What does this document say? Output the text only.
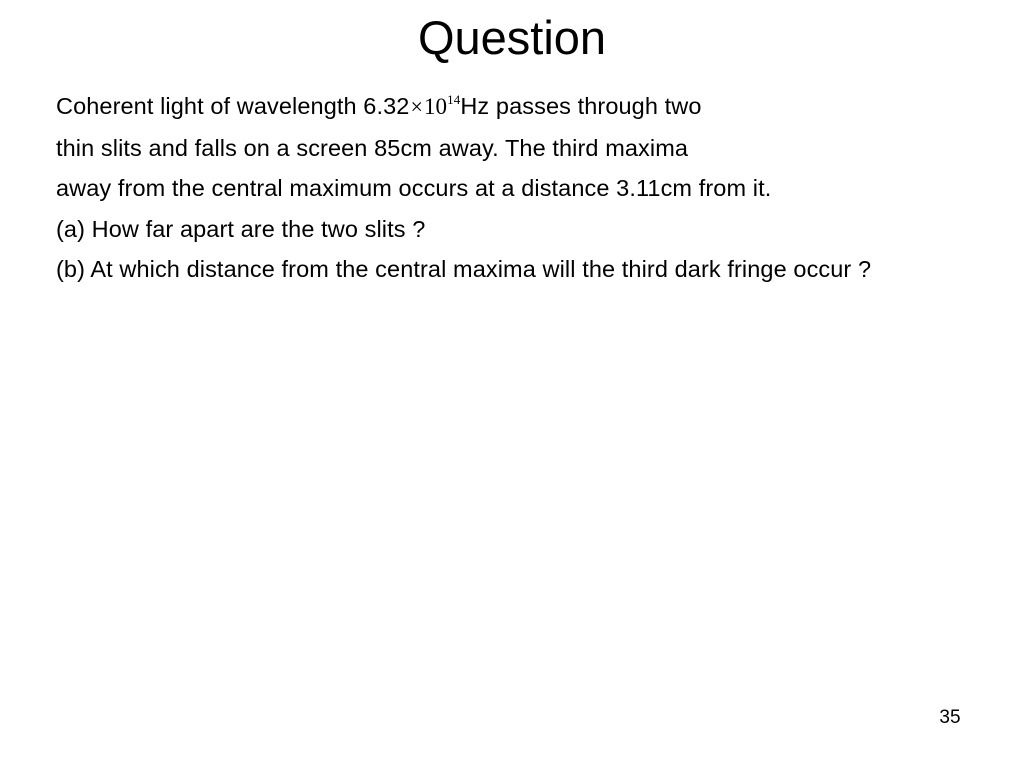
Question
Coherent light of wavelength $6.32\times 10^{14}Hz$ passes through two
thin slits and falls on a screen 85cm away. The third maxima
away from the central maximum occurs at a distance 3.11cm from it.
(a) How far apart are the two slits ?
(b) At which distance from the central maxima will the third dark fringe occur ?
35
